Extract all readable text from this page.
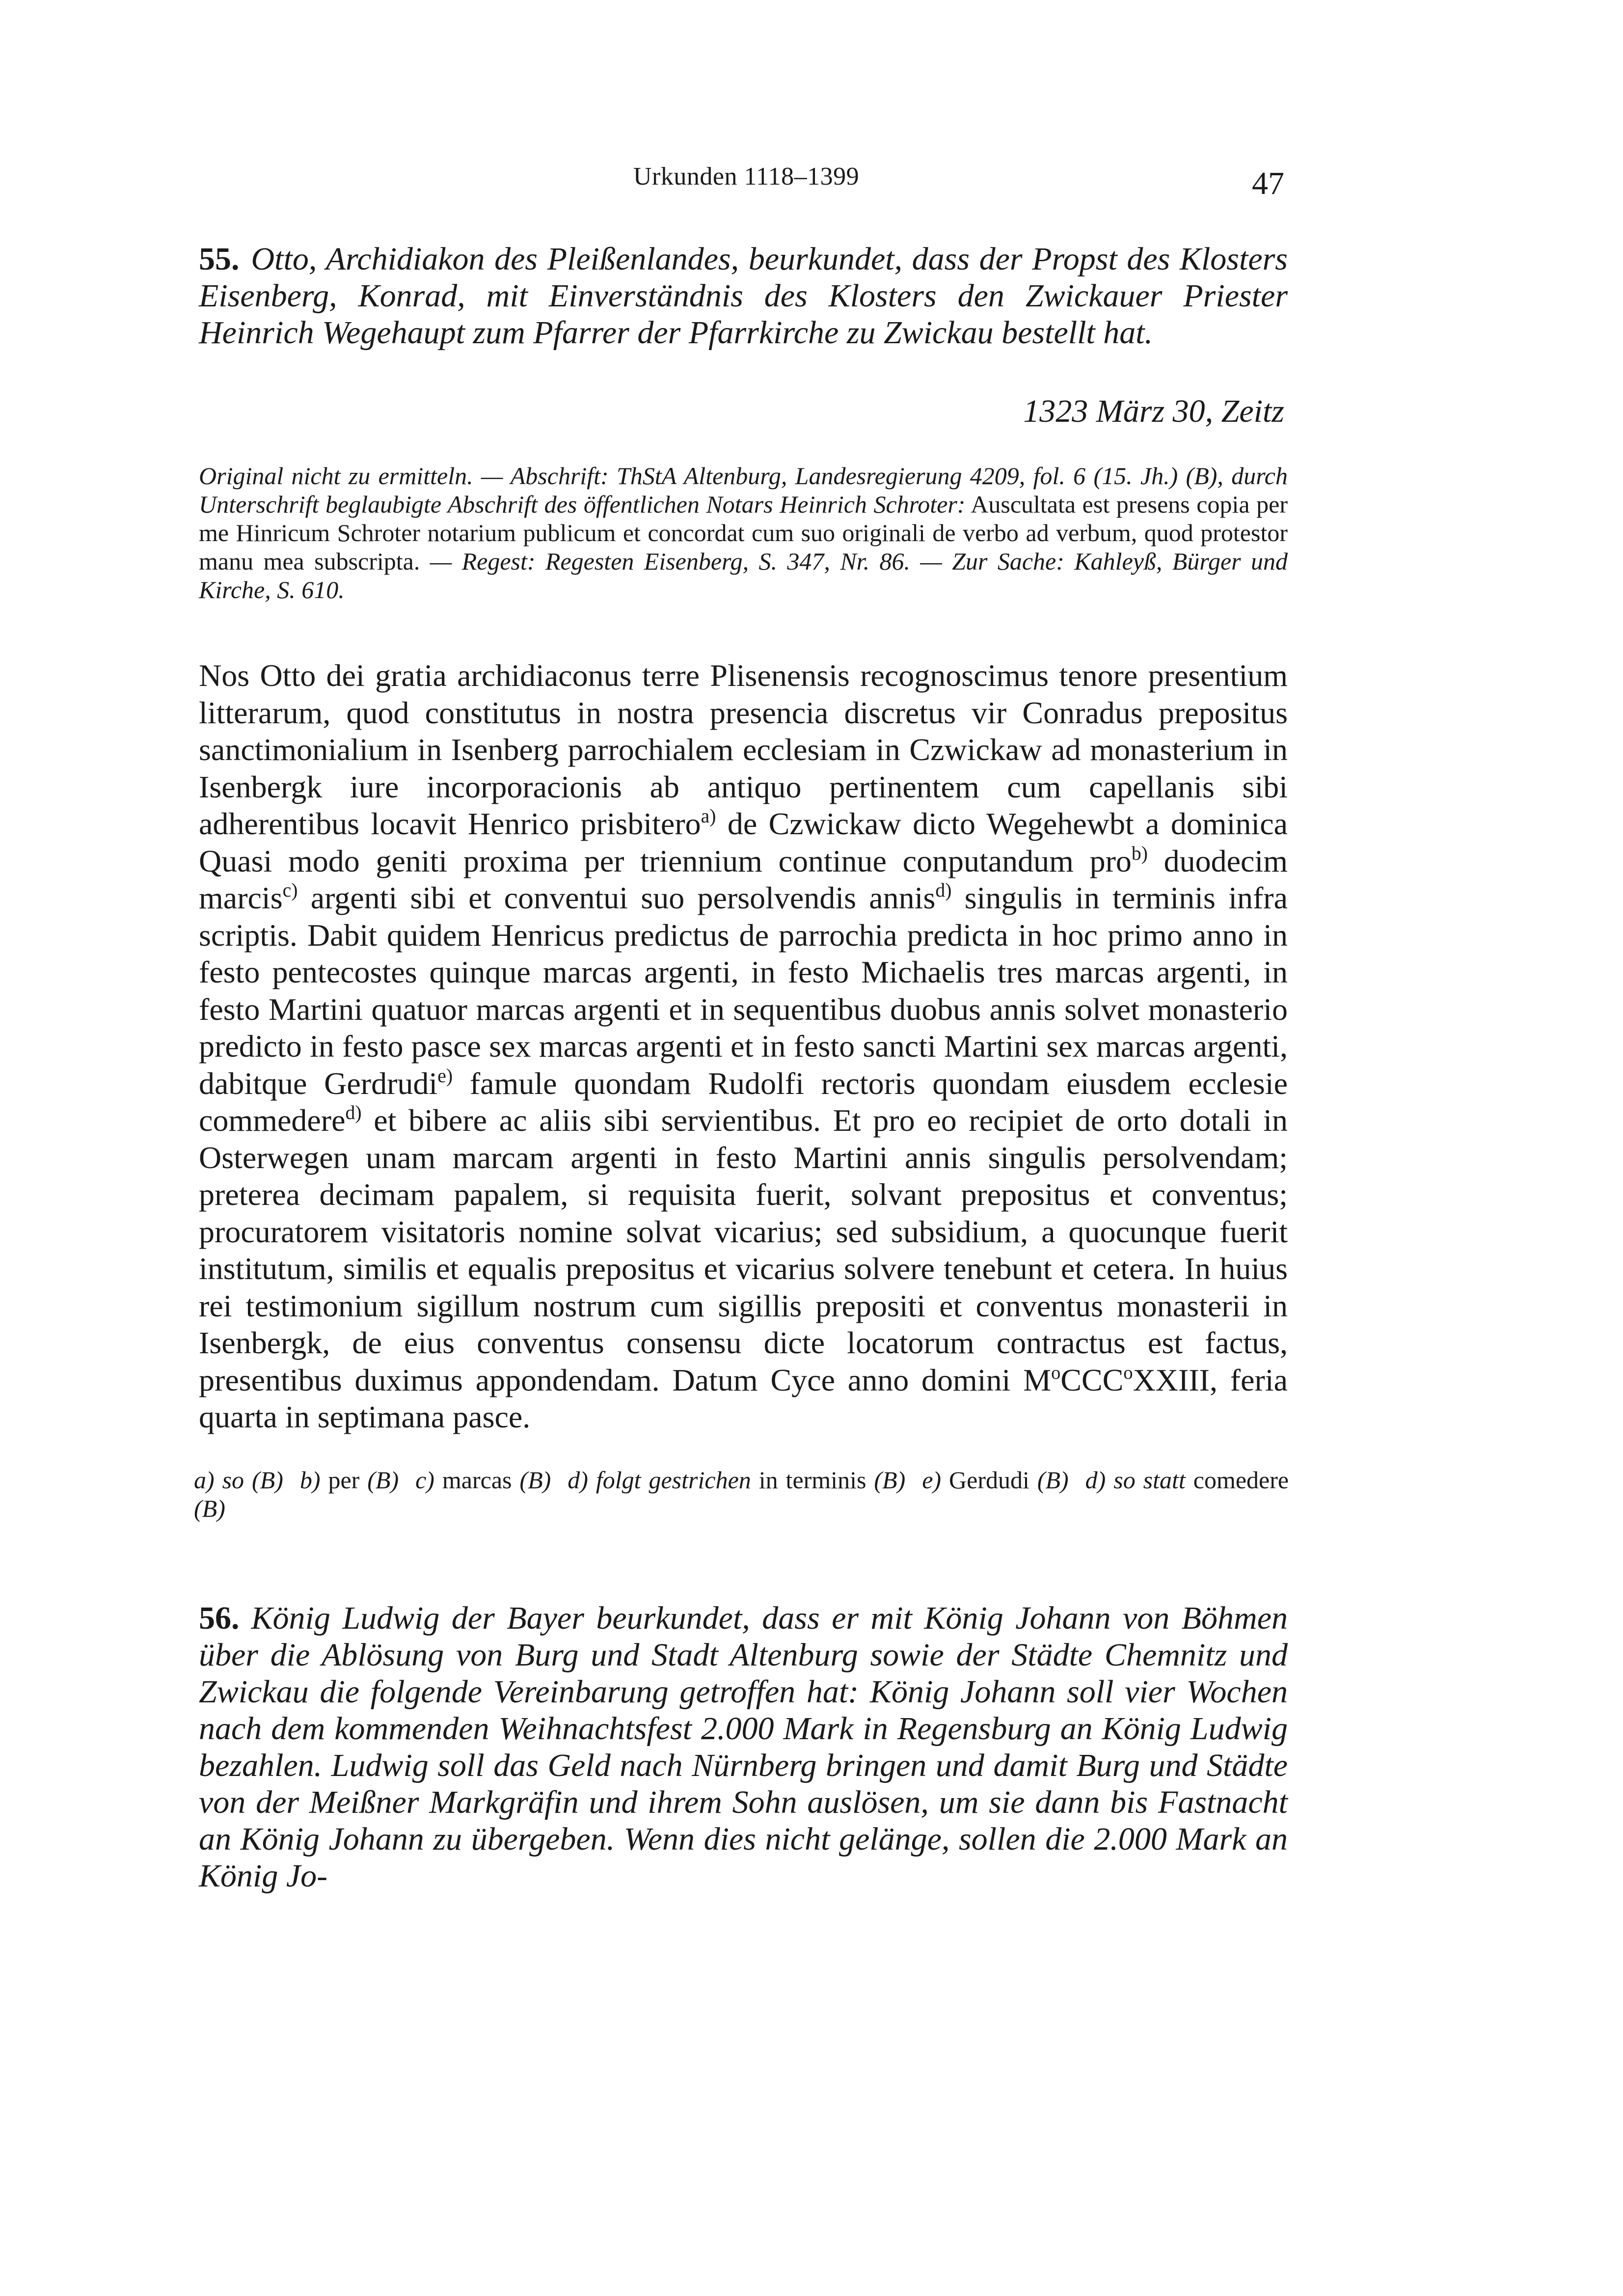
Urkunden 1118–1399	47
55. Otto, Archidiakon des Pleißenlandes, beurkundet, dass der Propst des Klosters Eisenberg, Konrad, mit Einverständnis des Klosters den Zwickauer Priester Heinrich Wegehaupt zum Pfarrer der Pfarrkirche zu Zwickau bestellt hat.
1323 März 30, Zeitz
Original nicht zu ermitteln. — Abschrift: ThStA Altenburg, Landesregierung 4209, fol. 6 (15. Jh.) (B), durch Unterschrift beglaubigte Abschrift des öffentlichen Notars Heinrich Schroter: Auscultata est presens copia per me Hinricum Schroter notarium publicum et concordat cum suo originali de verbo ad verbum, quod protestor manu mea subscripta. — Regest: Regesten Eisenberg, S. 347, Nr. 86. — Zur Sache: Kahleyß, Bürger und Kirche, S. 610.
Nos Otto dei gratia archidiaconus terre Plisenensis recognoscimus tenore presentium litterarum, quod constitutus in nostra presencia discretus vir Conradus prepositus sanctimonialium in Isenberg parrochialem ecclesiam in Czwickaw ad monasterium in Isenbergk iure incorporacionis ab antiquo pertinentem cum capellanis sibi adherentibus locavit Henrico prisbitero$^{a)}$ de Czwickaw dicto Wegehewbt a dominica Quasi modo geniti proxima per triennium continue conputandum pro$^{b)}$ duodecim marcis$^{c)}$ argenti sibi et conventui suo persolvendis annis$^{d)}$ singulis in terminis infra scriptis. Dabit quidem Henricus predictus de parrochia predicta in hoc primo anno in festo pentecostes quinque marcas argenti, in festo Michaelis tres marcas argenti, in festo Martini quatuor marcas argenti et in sequentibus duobus annis solvet monasterio predicto in festo pasce sex marcas argenti et in festo sancti Martini sex marcas argenti, dabitque Gerdrudi$^{e)}$ famule quondam Rudolfi rectoris quondam eiusdem ecclesie commedere$^{d)}$ et bibere ac aliis sibi servientibus. Et pro eo recipiet de orto dotali in Osterwegen unam marcam argenti in festo Martini annis singulis persolvendam; preterea decimam papalem, si requisita fuerit, solvant prepositus et conventus; procuratorem visitatoris nomine solvat vicarius; sed subsidium, a quocunque fuerit institutum, similis et equalis prepositus et vicarius solvere tenebunt et cetera. In huius rei testimonium sigillum nostrum cum sigillis prepositi et conventus monasterii in Isenbergk, de eius conventus consensu dicte locatorum contractus est factus, presentibus duximus appondendam. Datum Cyce anno domini $M^oCCC^oXXIII$, feria quarta in septimana pasce.
a) so (B) b) per (B) c) marcas (B) d) folgt gestrichen in terminis (B) e) Gerdudi (B) d) so statt comedere (B)
56. König Ludwig der Bayer beurkundet, dass er mit König Johann von Böhmen über die Ablösung von Burg und Stadt Altenburg sowie der Städte Chemnitz und Zwickau die folgende Vereinbarung getroffen hat: König Johann soll vier Wochen nach dem kommenden Weihnachtsfest 2.000 Mark in Regensburg an König Ludwig bezahlen. Ludwig soll das Geld nach Nürnberg bringen und damit Burg und Städte von der Meißner Markgräfin und ihrem Sohn auslösen, um sie dann bis Fastnacht an König Johann zu übergeben. Wenn dies nicht gelänge, sollen die 2.000 Mark an König Jo-
